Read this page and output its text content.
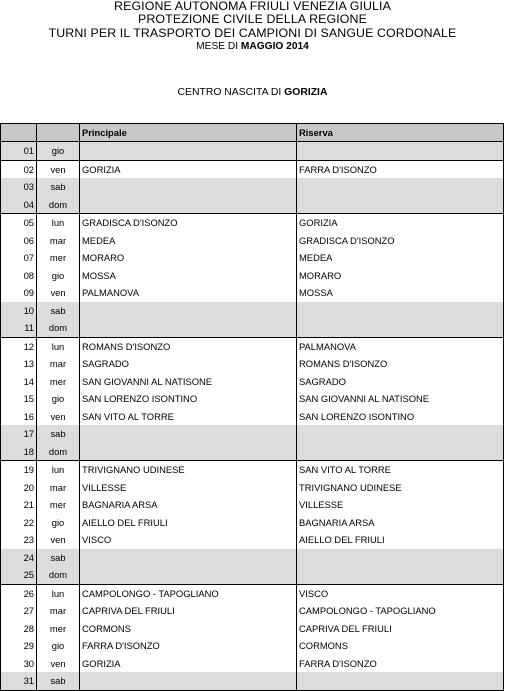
REGIONE AUTONOMA FRIULI VENEZIA GIULIA
PROTEZIONE CIVILE DELLA REGIONE
TURNI PER IL TRASPORTO DEI CAMPIONI DI SANGUE CORDONALE
MESE DI MAGGIO 2014
CENTRO NASCITA DI GORIZIA
		Principale	Riserva
01	gio		
02	ven	GORIZIA	FARRA D'ISONZO
03	sab		
04	dom		
05	lun	GRADISCA D'ISONZO	GORIZIA
06	mar	MEDEA	GRADISCA D'ISONZO
07	mer	MORARO	MEDEA
08	gio	MOSSA	MORARO
09	ven	PALMANOVA	MOSSA
10	sab		
11	dom		
12	lun	ROMANS D'ISONZO	PALMANOVA
13	mar	SAGRADO	ROMANS D'ISONZO
14	mer	SAN GIOVANNI AL NATISONE	SAGRADO
15	gio	SAN LORENZO ISONTINO	SAN GIOVANNI AL NATISONE
16	ven	SAN VITO AL TORRE	SAN LORENZO ISONTINO
17	sab		
18	dom		
19	lun	TRIVIGNANO UDINESE	SAN VITO AL TORRE
20	mar	VILLESSE	TRIVIGNANO UDINESE
21	mer	BAGNARIA ARSA	VILLESSE
22	gio	AIELLO DEL FRIULI	BAGNARIA ARSA
23	ven	VISCO	AIELLO DEL FRIULI
24	sab		
25	dom		
26	lun	CAMPOLONGO - TAPOGLIANO	VISCO
27	mar	CAPRIVA DEL FRIULI	CAMPOLONGO - TAPOGLIANO
28	mer	CORMONS	CAPRIVA DEL FRIULI
29	gio	FARRA D'ISONZO	CORMONS
30	ven	GORIZIA	FARRA D'ISONZO
31	sab		
